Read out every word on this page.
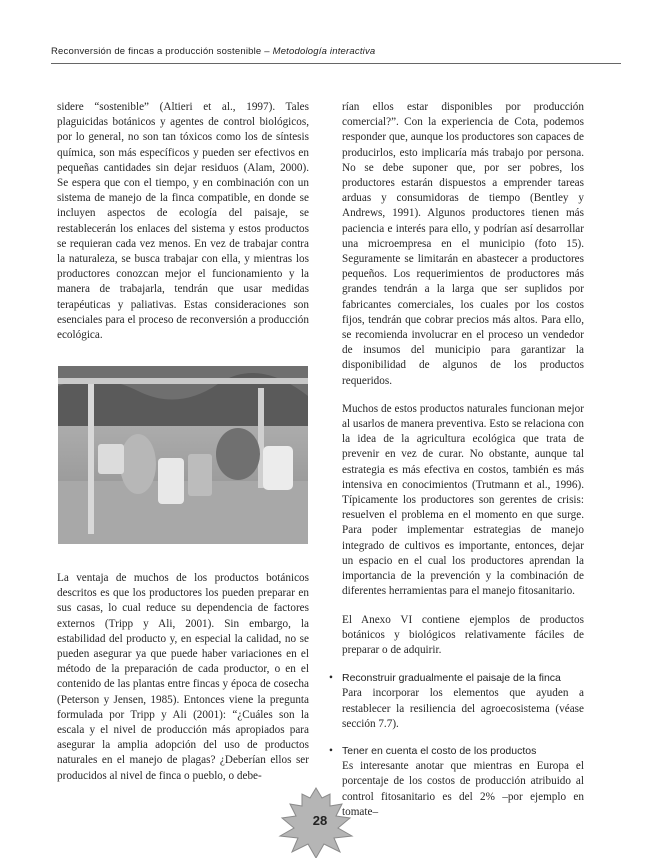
Reconversión de fincas a producción sostenible – Metodología interactiva

sidere “sostenible” (Altieri et al., 1997). Tales plaguicidas botánicos y agentes de control biológicos, por lo general, no son tan tóxicos como los de síntesis química, son más específicos y pueden ser efectivos en pequeñas cantidades sin dejar residuos (Alam, 2000). Se espera que con el tiempo, y en combinación con un sistema de manejo de la finca compatible, en donde se incluyen aspectos de ecología del paisaje, se restablecerán los enlaces del sistema y estos productos se requieran cada vez menos. En vez de trabajar contra la naturaleza, se busca trabajar con ella, y mientras los productores conozcan mejor el funcionamiento y la manera de trabajarla, tendrán que usar medidas terapéuticas y paliativas. Estas consideraciones son esenciales para el proceso de reconversión a producción ecológica.

La ventaja de muchos de los productos botánicos descritos es que los productores los pueden preparar en sus casas, lo cual reduce su dependencia de factores externos (Tripp y Ali, 2001). Sin embargo, la estabilidad del producto y, en especial la calidad, no se pueden asegurar ya que puede haber variaciones en el método de la preparación de cada productor, o en el contenido de las plantas entre fincas y época de cosecha (Peterson y Jensen, 1985). Entonces viene la pregunta formulada por Tripp y Ali (2001): “¿Cuáles son la escala y el nivel de producción más apropiados para asegurar la amplia adopción del uso de productos naturales en el manejo de plagas? ¿Deberían ellos ser producidos al nivel de finca o pueblo, o debe-

rían ellos estar disponibles por producción comercial?”. Con la experiencia de Cota, podemos responder que, aunque los productores son capaces de producirlos, esto implicaría más trabajo por persona. No se debe suponer que, por ser pobres, los productores estarán dispuestos a emprender tareas arduas y consumidoras de tiempo (Bentley y Andrews, 1991). Algunos productores tienen más paciencia e interés para ello, y podrían así desarrollar una microempresa en el municipio (foto 15). Seguramente se limitarán en abastecer a productores pequeños. Los requerimientos de productores más grandes tendrán a la larga que ser suplidos por fabricantes comerciales, los cuales por los costos fijos, tendrán que cobrar precios más altos. Para ello, se recomienda involucrar en el proceso un vendedor de insumos del municipio para garantizar la disponibilidad de algunos de los productos requeridos.

Muchos de estos productos naturales funcionan mejor al usarlos de manera preventiva. Esto se relaciona con la idea de la agricultura ecológica que trata de prevenir en vez de curar. No obstante, aunque tal estrategia es más efectiva en costos, también es más intensiva en conocimientos (Trutmann et al., 1996). Típicamente los productores son gerentes de crisis: resuelven el problema en el momento en que surge. Para poder implementar estrategias de manejo integrado de cultivos es importante, entonces, dejar un espacio en el cual los productores aprendan la importancia de la prevención y la combinación de diferentes herramientas para el manejo fitosanitario.

El Anexo VI contiene ejemplos de productos botánicos y biológicos relativamente fáciles de preparar o de adquirir.

• Reconstruir gradualmente el paisaje de la finca
Para incorporar los elementos que ayuden a restablecer la resiliencia del agroecosistema (véase sección 7.7).
• Tener en cuenta el costo de los productos
Es interesante anotar que mientras en Europa el porcentaje de los costos de producción atribuido al control fitosanitario es del 2% –por ejemplo en tomate–
28
